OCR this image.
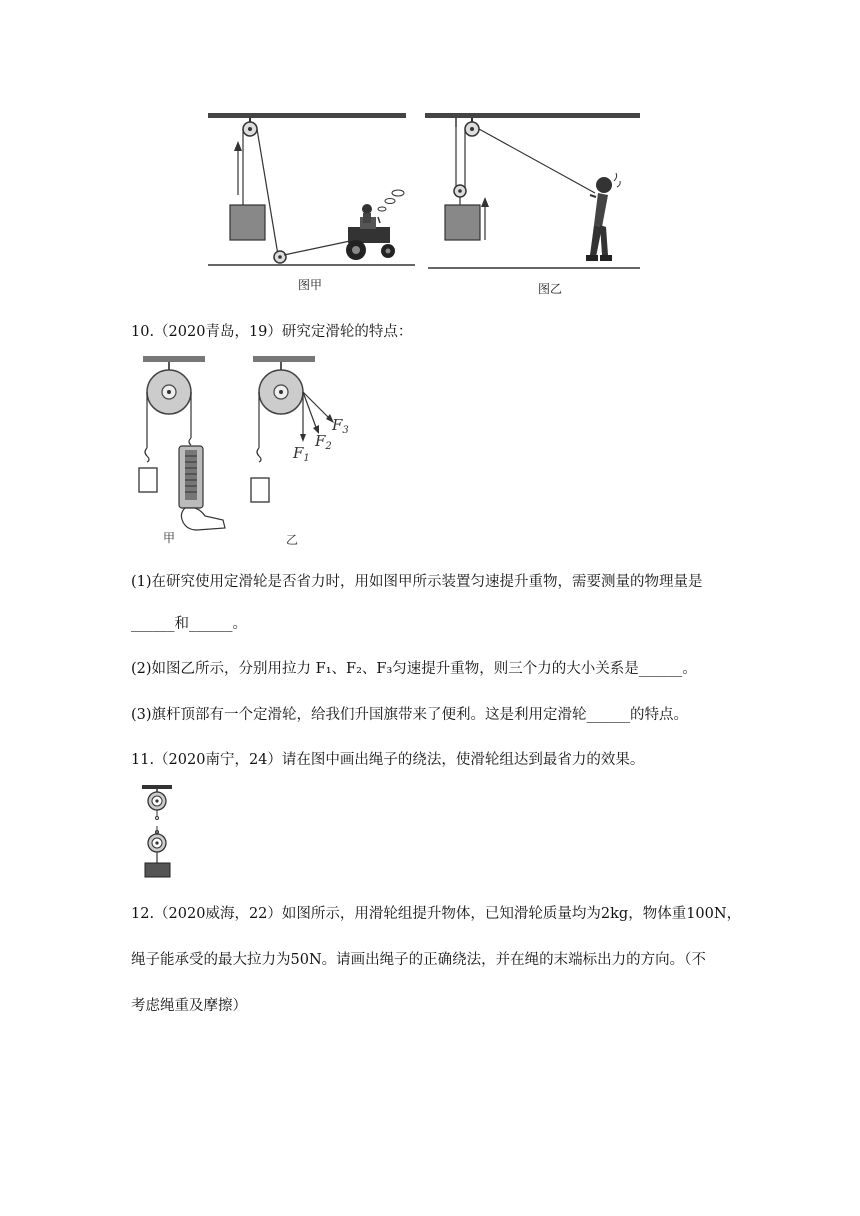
图甲	图乙
10.（2020青岛，19）研究定滑轮的特点：
甲
$F_1$
$F_2$
$F_3$
乙
(1)在研究使用定滑轮是否省力时，用如图甲所示装置匀速提升重物，需要测量的物理量是
______和______。
(2)如图乙所示，分别用拉力 F₁、F₂、F₃匀速提升重物，则三个力的大小关系是______。
(3)旗杆顶部有一个定滑轮，给我们升国旗带来了便利。这是利用定滑轮______的特点。
11.（2020南宁，24）请在图中画出绳子的绕法，使滑轮组达到最省力的效果。
12.（2020威海，22）如图所示，用滑轮组提升物体，已知滑轮质量均为2kg，物体重100N，
绳子能承受的最大拉力为50N。请画出绳子的正确绕法，并在绳的末端标出力的方向。（不
考虑绳重及摩擦）
